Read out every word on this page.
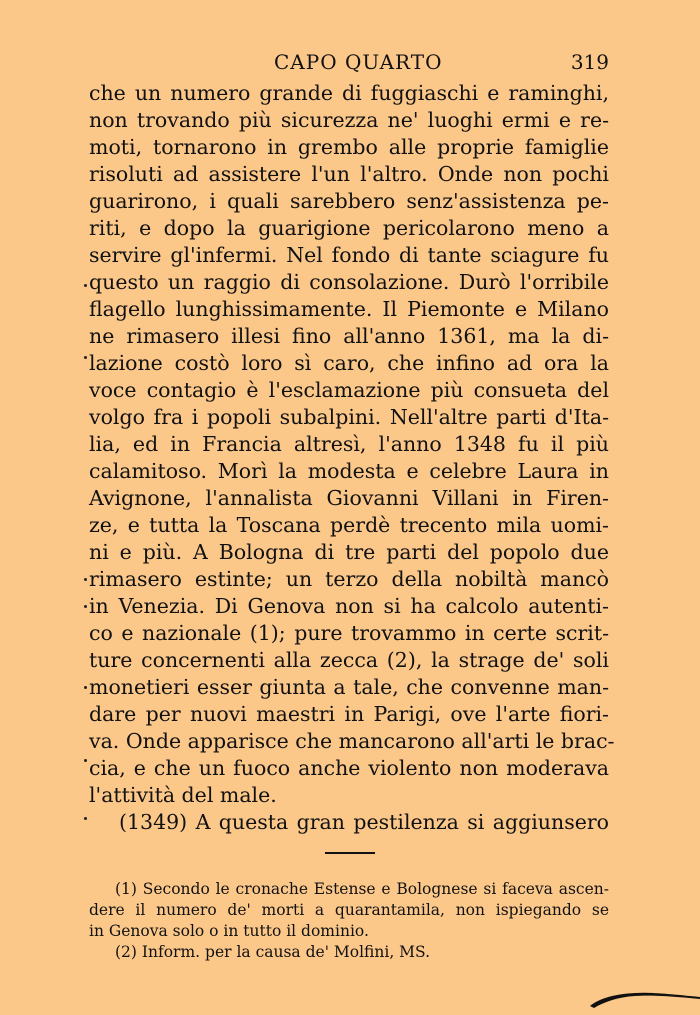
CAPO QUARTO	319
che un numero grande di fuggiaschi e raminghi,
non trovando più sicurezza ne' luoghi ermi e re-
moti, tornarono in grembo alle proprie famiglie
risoluti ad assistere l'un l'altro. Onde non pochi
guarirono, i quali sarebbero senz'assistenza pe-
riti, e dopo la guarigione pericolarono meno a
servire gl'infermi. Nel fondo di tante sciagure fu
questo un raggio di consolazione. Durò l'orribile
flagello lunghissimamente. Il Piemonte e Milano
ne rimasero illesi fino all'anno 1361, ma la di-
lazione costò loro sì caro, che infino ad ora la
voce contagio è l'esclamazione più consueta del
volgo fra i popoli subalpini. Nell'altre parti d'Ita-
lia, ed in Francia altresì, l'anno 1348 fu il più
calamitoso. Morì la modesta e celebre Laura in
Avignone, l'annalista Giovanni Villani in Firen-
ze, e tutta la Toscana perdè trecento mila uomi-
ni e più. A Bologna di tre parti del popolo due
rimasero estinte; un terzo della nobiltà mancò
in Venezia. Di Genova non si ha calcolo autenti-
co e nazionale (1); pure trovammo in certe scrit-
ture concernenti alla zecca (2), la strage de' soli
monetieri esser giunta a tale, che convenne man-
dare per nuovi maestri in Parigi, ove l'arte fiori-
va. Onde apparisce che mancarono all'arti le brac-
cia, e che un fuoco anche violento non moderava
l'attività del male.
(1349) A questa gran pestilenza si aggiunsero
(1) Secondo le cronache Estense e Bolognese si faceva ascen-
dere il numero de' morti a quarantamila, non ispiegando se
in Genova solo o in tutto il dominio.
(2) Inform. per la causa de' Molfini, MS.
